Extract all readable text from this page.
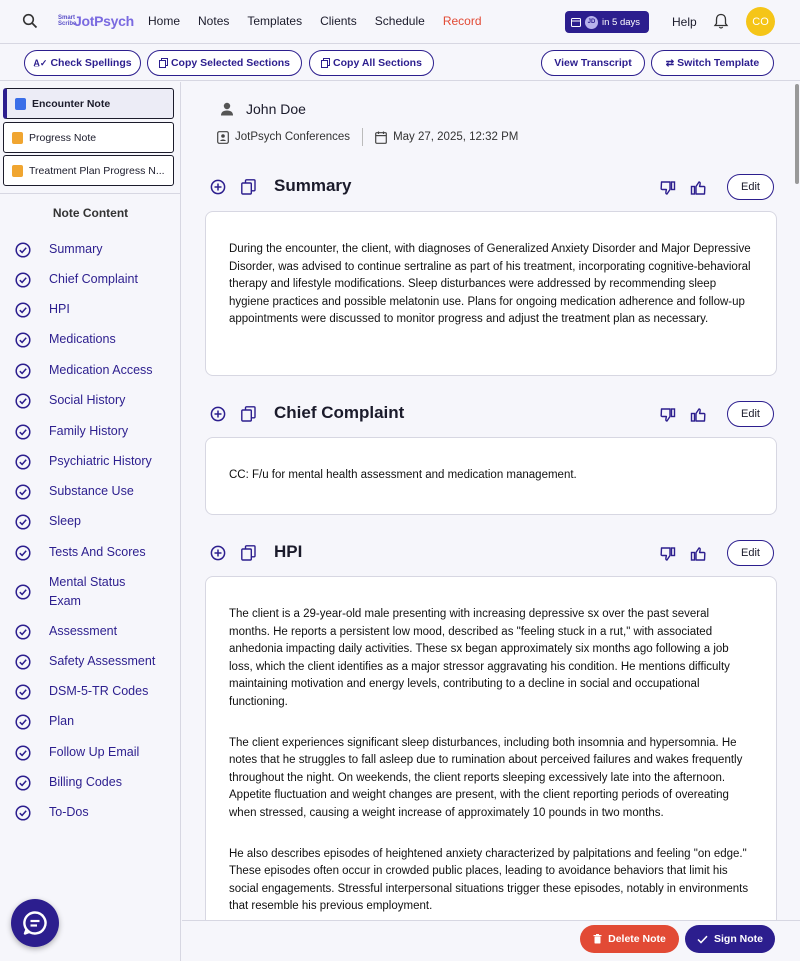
Smart Scribe
JotPsych Home Notes Templates Clients Schedule Record	JD in 5 days	Help	CO
A̲✓ Check Spellings	Copy Selected Sections	Copy All Sections	View Transcript	⇄ Switch Template
Encounter Note
Progress Note
Treatment Plan Progress N...
Note Content
Summary
Chief Complaint
HPI
Medications
Medication Access
Social History
Family History
Psychiatric History
Substance Use
Sleep
Tests And Scores
Mental Status Exam
Assessment
Safety Assessment
DSM-5-TR Codes
Plan
Follow Up Email
Billing Codes
To-Dos
John Doe
JotPsych Conferences	May 27, 2025, 12:32 PM
Summary	Edit

During the encounter, the client, with diagnoses of Generalized Anxiety Disorder and Major Depressive Disorder, was advised to continue sertraline as part of his treatment, incorporating cognitive-behavioral therapy and lifestyle modifications. Sleep disturbances were addressed by recommending sleep hygiene practices and possible melatonin use. Plans for ongoing medication adherence and follow-up appointments were discussed to monitor progress and adjust the treatment plan as necessary.

Chief Complaint	Edit

CC: F/u for mental health assessment and medication management.

HPI	Edit

The client is a 29-year-old male presenting with increasing depressive sx over the past several months. He reports a persistent low mood, described as "feeling stuck in a rut," with associated anhedonia impacting daily activities. These sx began approximately six months ago following a job loss, which the client identifies as a major stressor aggravating his condition. He mentions difficulty maintaining motivation and energy levels, contributing to a decline in social and occupational functioning.

The client experiences significant sleep disturbances, including both insomnia and hypersomnia. He notes that he struggles to fall asleep due to rumination about perceived failures and wakes frequently throughout the night. On weekends, the client reports sleeping excessively late into the afternoon. Appetite fluctuation and weight changes are present, with the client reporting periods of overeating when stressed, causing a weight increase of approximately 10 pounds in two months.

He also describes episodes of heightened anxiety characterized by palpitations and feeling "on edge." These episodes often occur in crowded public places, leading to avoidance behaviors that limit his social engagements. Stressful interpersonal situations trigger these episodes, notably in environments that resemble his previous employment.

Delete Note	Sign Note
